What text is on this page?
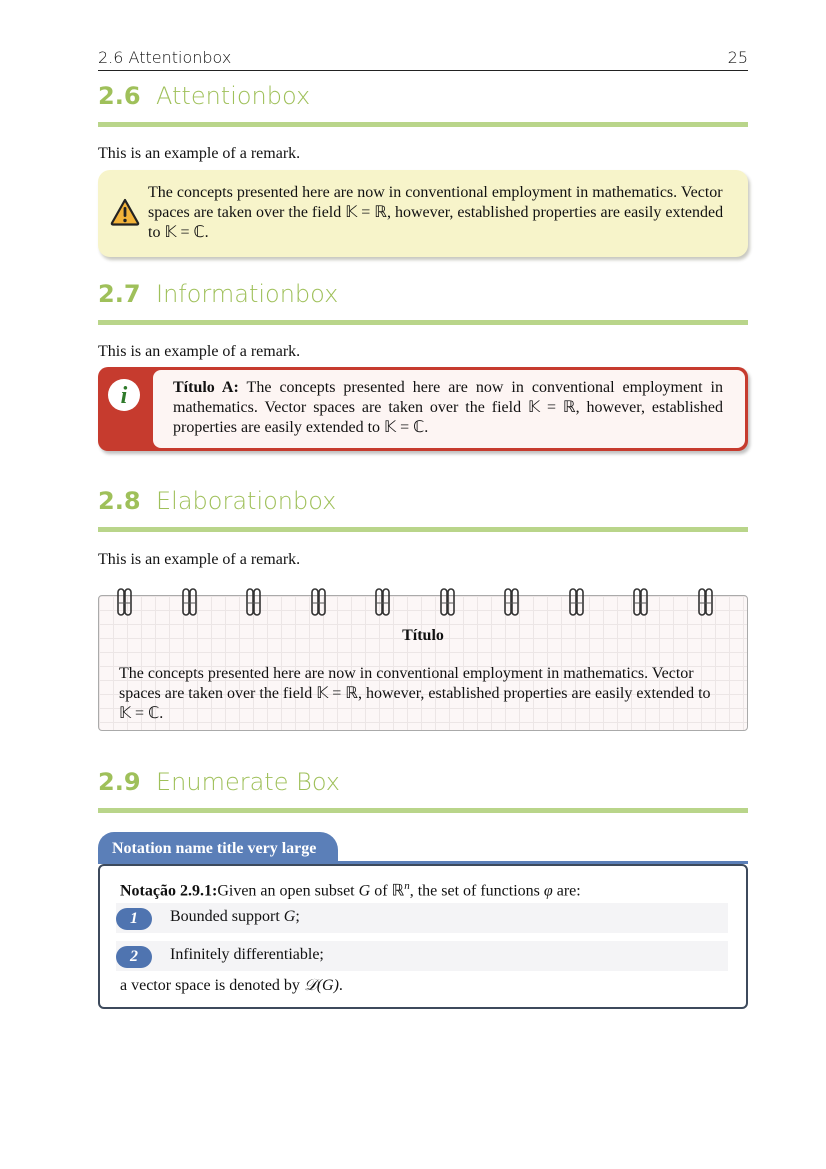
2.6 Attentionbox	25
2.6 Attentionbox
This is an example of a remark.
The concepts presented here are now in conventional employment in mathematics. Vector
spaces are taken over the field 𝕂 = ℝ, however, established properties are easily extended
to 𝕂 = ℂ.
2.7 Informationbox
This is an example of a remark.
i	Título A: The concepts presented here are now in conventional employment in mathematics. Vector spaces are taken over the field 𝕂 = ℝ, however, established properties are easily extended to 𝕂 = ℂ.
2.8 Elaborationbox
This is an example of a remark.
Título
The concepts presented here are now in conventional employment in mathematics. Vector
spaces are taken over the field 𝕂 = ℝ, however, established properties are easily extended to
𝕂 = ℂ.
2.9 Enumerate Box
Notation name title very large
Notação 2.9.1:Given an open subset G of ℝ$^n$, the set of functions φ are:
1	Bounded support G;
2	Infinitely differentiable;
a vector space is denoted by 𝒟(G).
